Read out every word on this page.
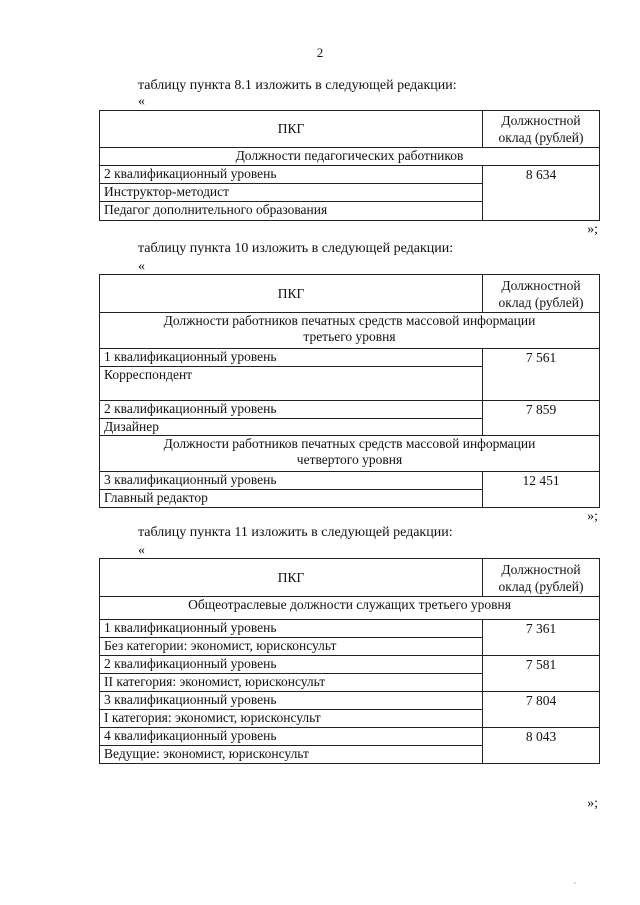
2
таблицу пункта 8.1 изложить в следующей редакции:
«
ПКГ	Должностной
оклад (рублей)

Должности педагогических работников	
2 квалификационный уровень	8 634
Инструктор-методист	
Педагог дополнительного образования	
»;
таблицу пункта 10 изложить в следующей редакции:
«
ПКГ	Должностной
оклад (рублей)

Должности работников печатных средств массовой информации
третьего уровня	

1 квалификационный уровень	7 561
Корреспондент	
2 квалификационный уровень	7 859
Дизайнер	

Должности работников печатных средств массовой информации
четвертого уровня	

3 квалификационный уровень	12 451
Главный редактор	
»;
таблицу пункта 11 изложить в следующей редакции:
«
ПКГ	Должностной
оклад (рублей)

Общеотраслевые должности служащих третьего уровня	
1 квалификационный уровень	7 361
Без категории: экономист, юрисконсульт	
2 квалификационный уровень	7 581
II категория: экономист, юрисконсульт	
3 квалификационный уровень	7 804
I категория: экономист, юрисконсульт	
4 квалификационный уровень	8 043
Ведущие: экономист, юрисконсульт	
»;
